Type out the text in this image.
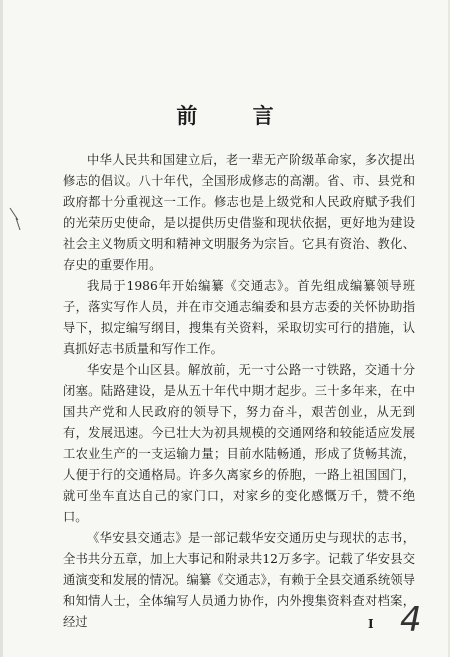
前 言

中华人民共和国建立后，老一辈无产阶级革命家，多次提出修志的倡议。八十年代，全国形成修志的高潮。省、市、县党和政府都十分重视这一工作。修志也是上级党和人民政府赋予我们的光荣历史使命，是以提供历史借鉴和现状依据，更好地为建设社会主义物质文明和精神文明服务为宗旨。它具有资治、教化、存史的重要作用。

我局于1986年开始编纂《交通志》。首先组成编纂领导班子，落实写作人员，并在市交通志编委和县方志委的关怀协助指导下，拟定编写纲目，搜集有关资料，采取切实可行的措施，认真抓好志书质量和写作工作。

华安是个山区县。解放前，无一寸公路一寸铁路，交通十分闭塞。陆路建设，是从五十年代中期才起步。三十多年来，在中国共产党和人民政府的领导下，努力奋斗，艰苦创业，从无到有，发展迅速。今已壮大为初具规模的交通网络和较能适应发展工农业生产的一支运输力量；目前水陆畅通，形成了货畅其流，人便于行的交通格局。许多久离家乡的侨胞，一路上祖国国门，就可坐车直达自己的家门口，对家乡的变化感慨万千，赞不绝口。

《华安县交通志》是一部记载华安交通历史与现状的志书，全书共分五章，加上大事记和附录共12万多字。记载了华安县交通演变和发展的情况。编纂《交通志》，有赖于全县交通系统领导和知情人士，全体编写人员通力协作，内外搜集资料查对档案，经过	I 4
